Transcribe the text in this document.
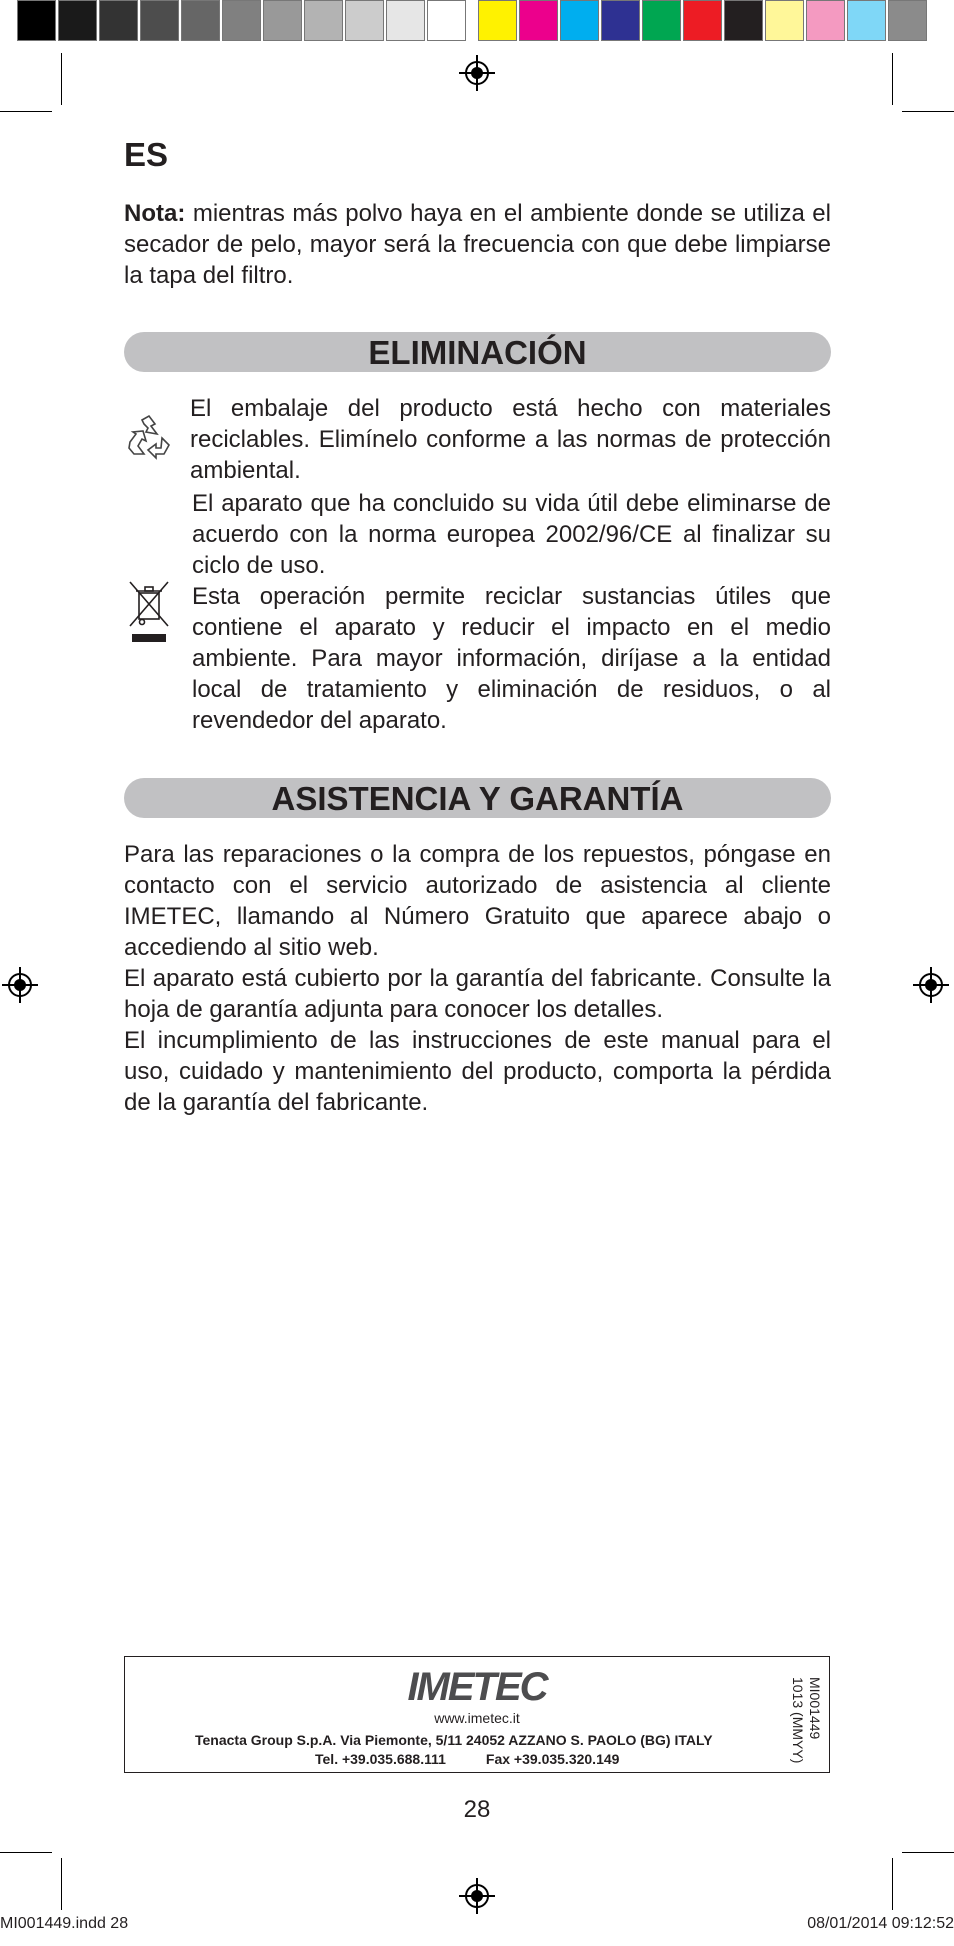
ES
Nota: mientras más polvo haya en el ambiente donde se utiliza el secador de pelo, mayor será la frecuencia con que debe limpiarse la tapa del filtro.
ELIMINACIÓN
El embalaje del producto está hecho con materiales reciclables. Elimínelo conforme a las normas de protección ambiental.
El aparato que ha concluido su vida útil debe eliminarse de acuerdo con la norma europea 2002/96/CE al finalizar su ciclo de uso.
Esta operación permite reciclar sustancias útiles que contiene el aparato y reducir el impacto en el medio ambiente. Para mayor información, diríjase a la entidad local de tratamiento y eliminación de residuos, o al revendedor del aparato.
ASISTENCIA Y GARANTÍA
Para las reparaciones o la compra de los repuestos, póngase en contacto con el servicio autorizado de asistencia al cliente IMETEC, llamando al Número Gratuito que aparece abajo o accediendo al sitio web.
El aparato está cubierto por la garantía del fabricante. Consulte la hoja de garantía adjunta para conocer los detalles.
El incumplimiento de las instrucciones de este manual para el uso, cuidado y mantenimiento del producto, comporta la pérdida de la garantía del fabricante.
IMETEC
www.imetec.it
Tenacta Group S.p.A. Via Piemonte, 5/11 24052 AZZANO S. PAOLO (BG) ITALY
Tel. +39.035.688.111	Fax +39.035.320.149
MI001449
1013 (MMYY)
28
MI001449.indd 28	08/01/2014 09:12:52
